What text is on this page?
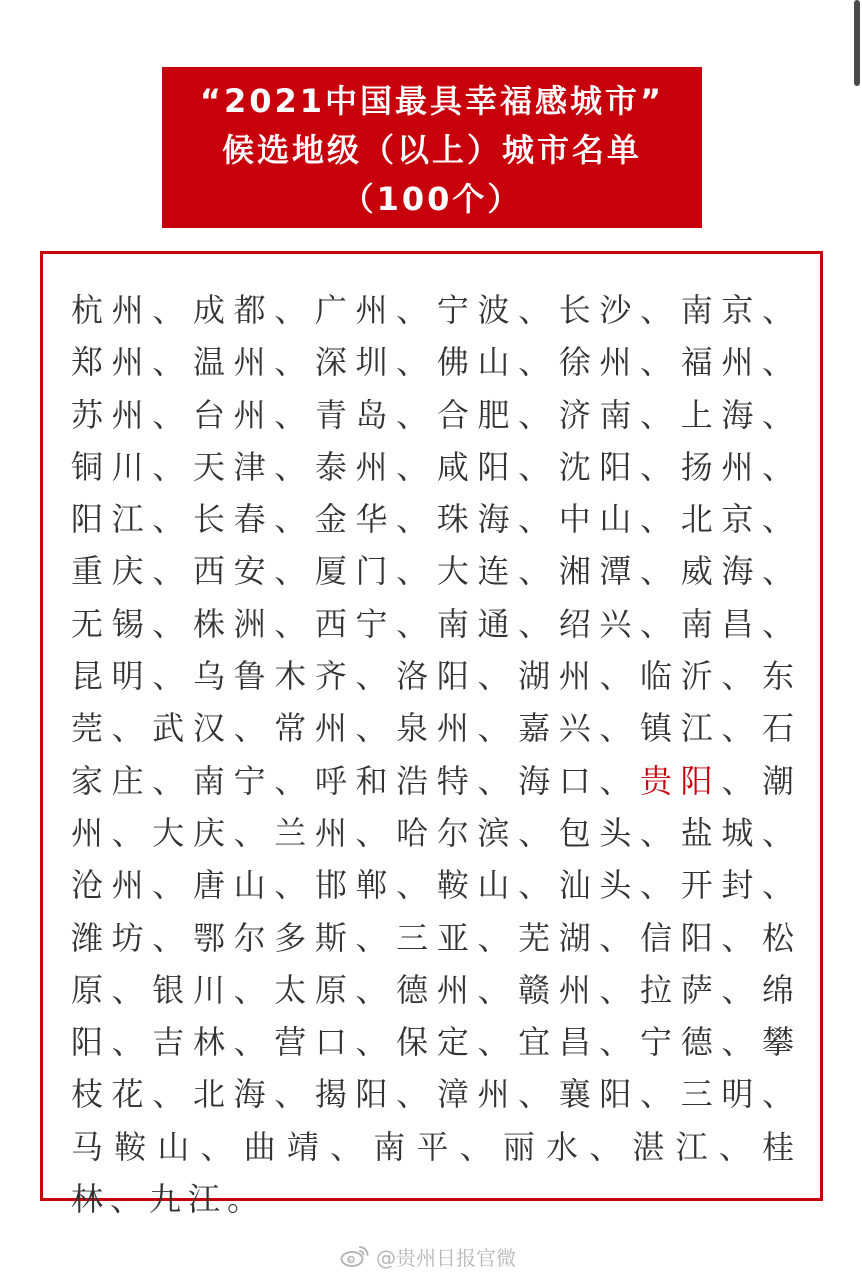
“2021中国最具幸福感城市”
候选地级（以上）城市名单
（100个）

杭州、成都、广州、宁波、长沙、南京、郑州、温州、深圳、佛山、徐州、福州、苏州、台州、青岛、合肥、济南、上海、铜川、天津、泰州、咸阳、沈阳、扬州、阳江、长春、金华、珠海、中山、北京、重庆、西安、厦门、大连、湘潭、威海、无锡、株洲、西宁、南通、绍兴、南昌、昆明、乌鲁木齐、洛阳、湖州、临沂、东莞、武汉、常州、泉州、嘉兴、镇江、石家庄、南宁、呼和浩特、海口、贵阳、潮州、大庆、兰州、哈尔滨、包头、盐城、沧州、唐山、邯郸、鞍山、汕头、开封、潍坊、鄂尔多斯、三亚、芜湖、信阳、松原、银川、太原、德州、赣州、拉萨、绵阳、吉林、营口、保定、宜昌、宁德、攀枝花、北海、揭阳、漳州、襄阳、三明、马鞍山、曲靖、南平、丽水、湛江、桂林、九江。

@贵州日报官微
